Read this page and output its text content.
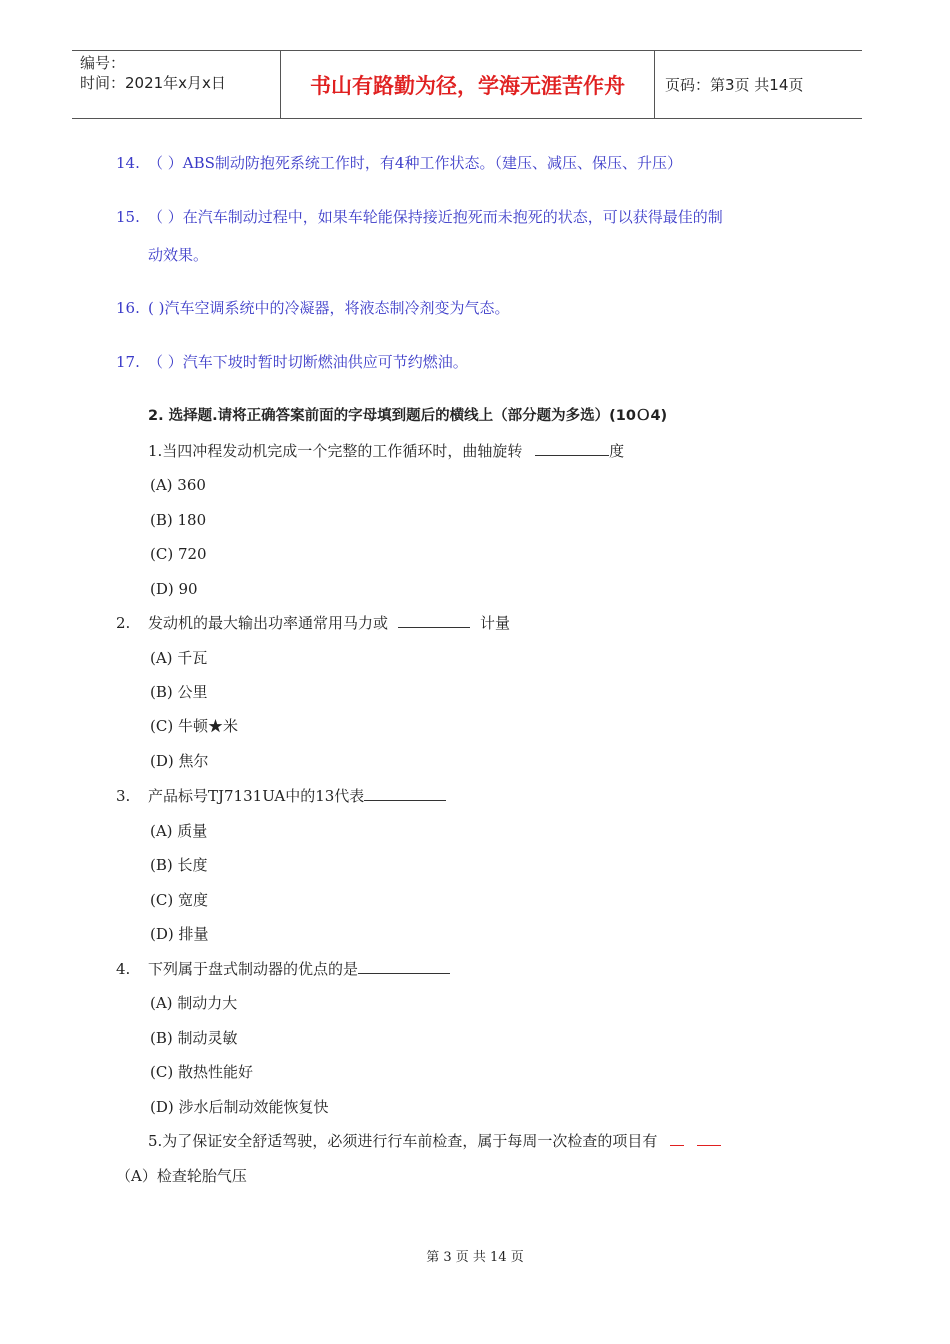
编号：
时间：2021年x月x日	书山有路勤为径，学海无涯苦作舟	页码：第3页 共14页
14. （ ）ABS制动防抱死系统工作时，有4种工作状态。（建压、减压、保压、升压）
15. （ ）在汽车制动过程中，如果车轮能保持接近抱死而未抱死的状态，可以获得最佳的制
动效果。
16. ( )汽车空调系统中的冷凝器，将液态制冷剂变为气态。
17. （ ）汽车下坡时暂时切断燃油供应可节约燃油。
2. 选择题.请将正确答案前面的字母填到题后的横线上（部分题为多选）(10Ｏ4)
1.当四冲程发动机完成一个完整的工作循环时，曲轴旋转	度
(A) 360
(B) 180
(C) 720
(D) 90
2. 发动机的最大输出功率通常用马力或	计量
(A) 千瓦
(B) 公里
(C) 牛顿★米
(D) 焦尔
3. 产品标号TJ7131UA中的13代表
(A) 质量
(B) 长度
(C) 宽度
(D) 排量
4. 下列属于盘式制动器的优点的是
(A) 制动力大
(B) 制动灵敏
(C) 散热性能好
(D) 涉水后制动效能恢复快
5.为了保证安全舒适驾驶，必须进行行车前检查，属于每周一次检查的项目有
（A）检查轮胎气压
第 3 页 共 14 页
